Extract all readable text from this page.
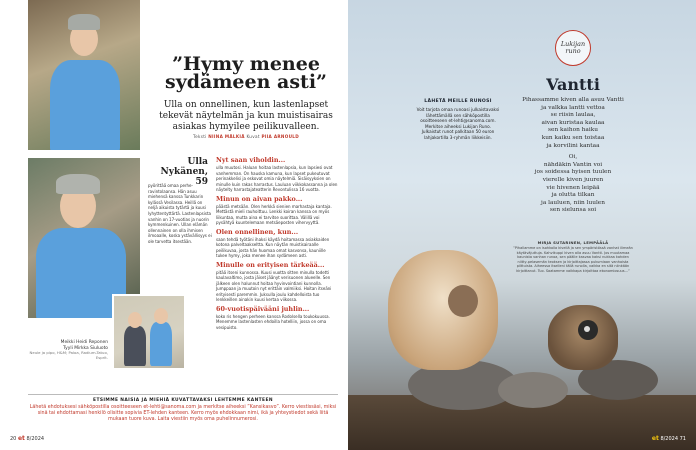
”Hymy menee sydämeen asti”
Ulla on onnellinen, kun lastenlapset tekevät näytelmän ja kun muistisairas asiakas hymyilee peilikuvalleen.
Teksti NIINA MÄLKIÄ Kuvat PIIA ARNOULD
Ulla Nykänen, 59
pyörittää omaa perhe-ravintolaansa. Hän asuu miehensä kanssa Tunkkarin kylässä Vesilassa. Heillä on neljä aikuista tytärtä ja kuusi lyhyttentyttärtä. Lastenlapsista vanhin on 17-vuotias ja nuorin kymmenkuinen. Ullan elämän ollennainen on olla ihmisen ilmoaalle, koska ystävällisyys ei ole tarvetta itsestään.
Nyt saan viholdin...
ulla muutosi. Haluan hoitaa lastenlapsia, kun lapsiesi ovat vanhemman. On hauska kamuna, kun lapset pukeutuvat perinakkelisi ja eskovat omia näytelmiä. Sisäisyyksien on minulle kuin rakas harrastus. Lauluan viikkokassanna ja olen näytelty harrastajateatterin Revontulissa 16 vuotta.
Minun on aivan pakko...
päästä metsään. Olen herkkä sienien marhastaja kantaja. Mettästä mieli rauhoittuu. Lenkki koiran kanssa on myös liikuntaa, mutta aina ei tarvitse suorittaa. Välillä voi pysähtyä kuuntelemaan metsäeposten vihervyyttä.
Olen onnellinen, kun...
saan tehdä työtäni ihaksi käydä hoitamassa asiakkaiden kotona palveltaakseltta. Kun näytän muistisairaalle peilikuvaa, josta hän huomaa omat kasvonsa, kauniille tukee hymy, joka menee ihan sydämeen asti.
Minulle on erityisen tärkeää...
pitää itseni kunnossa. Kuusi vuotta sitten minulla todetti kaulavaltimo, josta jäiset jäänyt verisuonen alueelle. Sen jälkeen olen halunnut hoitaa hyvinvointiani kunnolla. Jumppaan ja muutoin nyt erittäin valmiiksi. Hoitan itseäni erityisesti paremmin. Juksulla joulu kahdelloista tuo lenkkeillen ainakin kuusi kertaa viikossa.
60-vuotispäivääni juhlin...
koko ris hengen perheen kanssa Rodolsella toukokuussa. Menemme lastenlasten ehdoilla hotelliin, jossa on oma vesipuisto.
Meikki Heidi Reponen
Tyyli Mirkka Siuluoto
Neule ja pipo, H&M; Paloa, Radium-Tatuo, Esprit.
ETSIMME NAISIA JA MIEHIÄ KUVATTAVAKSI LEHTEMME KANTEEN
Lähetä ehdotuksesi sähköpostilla osoitteeseen et-lehti@sanoma.com ja merkitse aiheeksi ”Kansikasvo”. Kerro viestissäsi, miksi sinä tai ehdottamasi henkilö olisitte sopivia ET-lehden kanteen. Kerro myös ehdokkaan nimi, ikä ja yhteystiedot sekä liitä mukaan tuore kuva. Laita viestiin myös oma puhelinnumerosi.
20 et 8/2024
Lukijan runo
Vantti
Pihassamme kiven alla asuu Vantti
ja valkka lantti vettoa
se riisin laulaa,
aivan kuristaa kaulaa
sen kaihon haiku
kun kaiku sen toistaa
ja korvilini kantaa
Oi,
nähdäkin Vantin voi
jos soidessa hyisen tuulen
vierelle kiven juuren
vie hivenen leipää
ja olutta tilkan
ja lauluen, niin luulen
sen sielunsa soi
MIRJA SUTARINEN, LEMPÄÄLÄ
”Pihallamme on isohkolla kivellä ja sen ympäristössä vanhat ilimeän käytäväjuttuja. Kahvikuppi kiven alla asuu Vantti. Jos muutamaa kaunista vanhan runoa, sen päälle kasvaa kaksi nukkaa kahden niitty-pelasemän teoksen ja kirjoittajassa pukumiaan vanhoista pilttuista. Aiheessa itselleni tällä runolla, vaikka en sitä niinkään kirjoittanut. Tuo. Saatamme vaikkapa kirjoittaa ekonomiosuus...”
LÄHETÄ MEILLE RUNOSI
Voit tarjota omaa runoasi julkaistavaksi lähettämällä sen sähköpostilla osoitteeseen et-lehti@sanoma.com. Merkitse aiheeksi Lukijan Runo. Julkaistut runot palkitaan 50 euron lahjakortilla 3-ryhmän liikkeisiin.
et 8/2024 71
